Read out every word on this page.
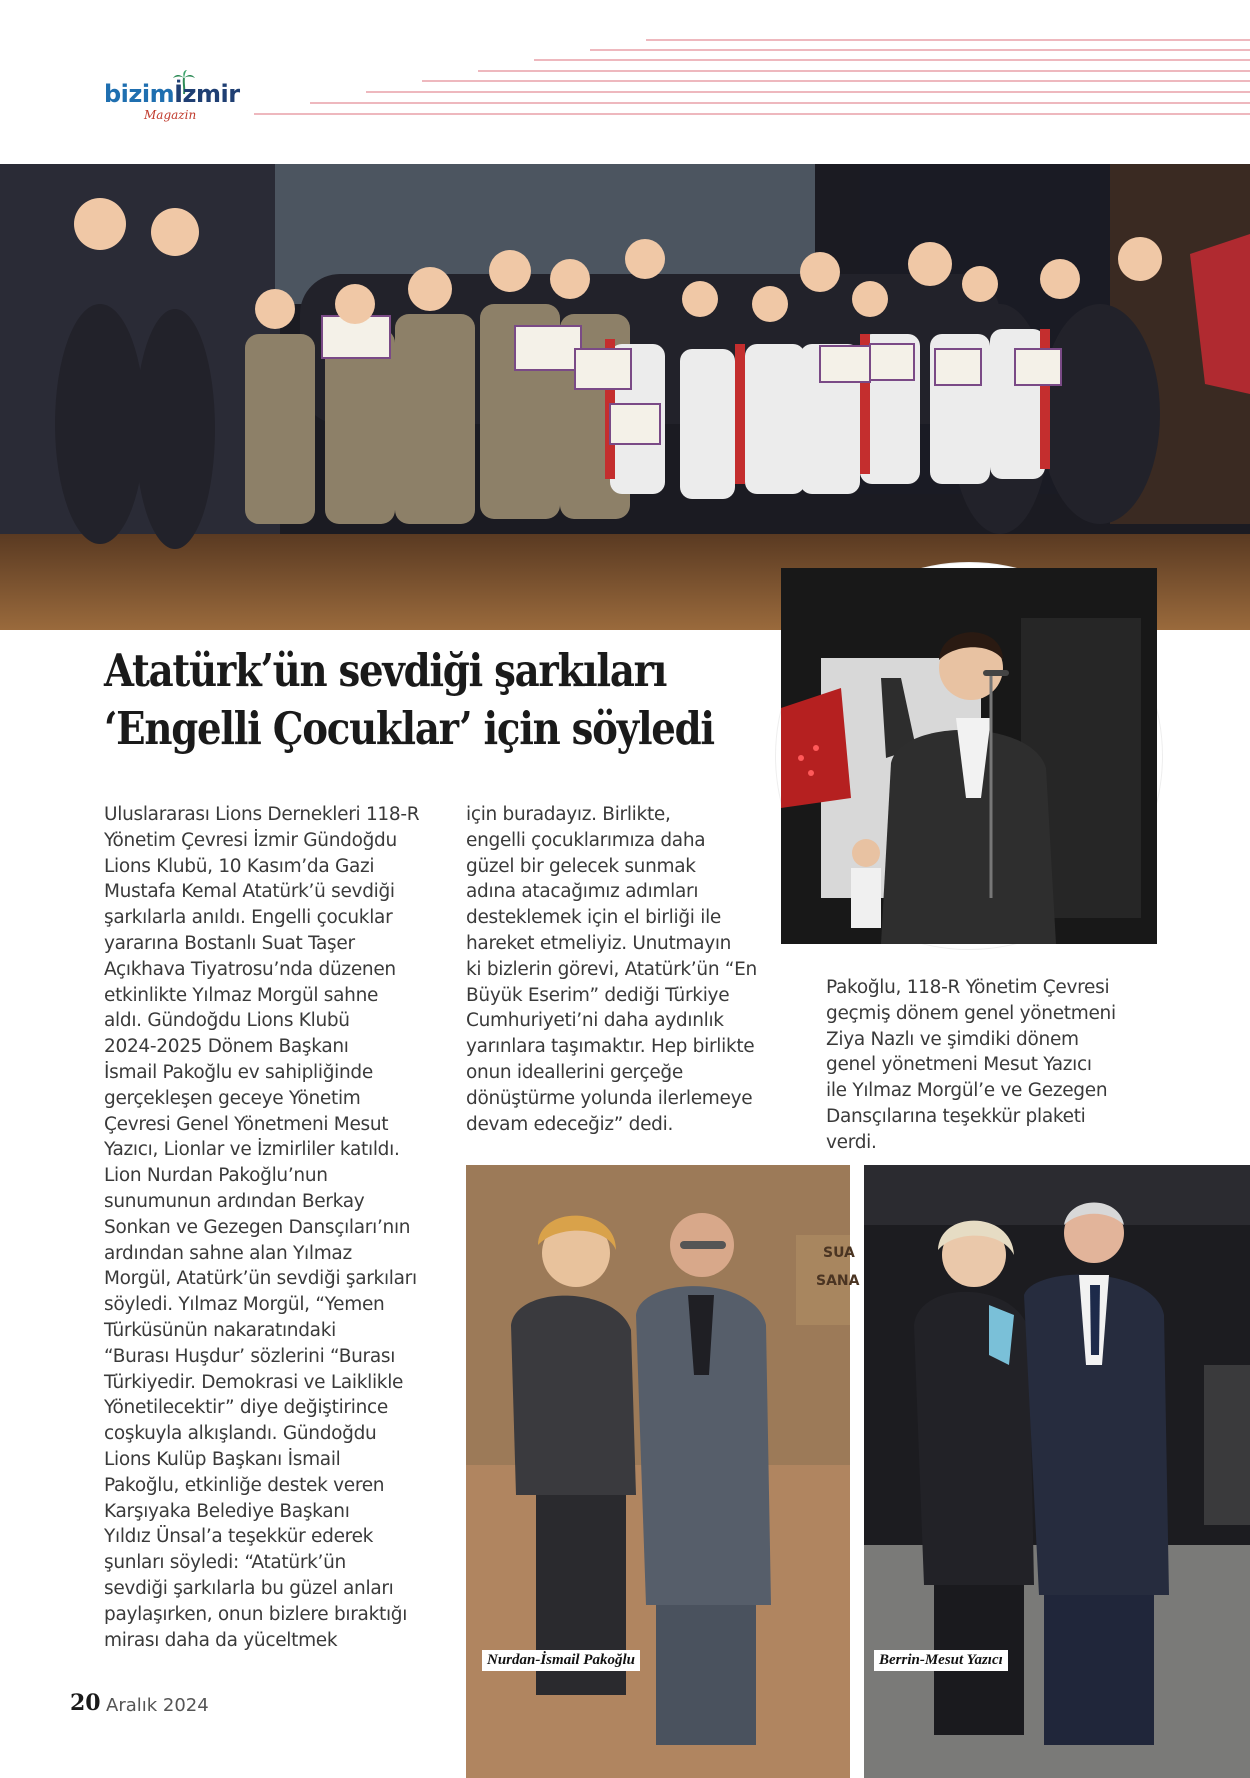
bizimİzmir
Magazin
Atatürk’ün sevdiği şarkıları
‘Engelli Çocuklar’ için söyledi
Uluslararası Lions Dernekleri 118-R
Yönetim Çevresi İzmir Gündoğdu
Lions Klubü, 10 Kasım’da Gazi
Mustafa Kemal Atatürk’ü sevdiği
şarkılarla anıldı. Engelli çocuklar
yararına Bostanlı Suat Taşer
Açıkhava Tiyatrosu’nda düzenen
etkinlikte Yılmaz Morgül sahne
aldı. Gündoğdu Lions Klubü
2024-2025 Dönem Başkanı
İsmail Pakoğlu ev sahipliğinde
gerçekleşen geceye Yönetim
Çevresi Genel Yönetmeni Mesut
Yazıcı, Lionlar ve İzmirliler katıldı.
Lion Nurdan Pakoğlu’nun
sunumunun ardından Berkay
Sonkan ve Gezegen Dansçıları’nın
ardından sahne alan Yılmaz
Morgül, Atatürk’ün sevdiği şarkıları
söyledi. Yılmaz Morgül, “Yemen
Türküsünün nakaratındaki
“Burası Huşdur’ sözlerini “Burası
Türkiyedir. Demokrasi ve Laiklikle
Yönetilecektir” diye değiştirince
coşkuyla alkışlandı. Gündoğdu
Lions Kulüp Başkanı İsmail
Pakoğlu, etkinliğe destek veren
Karşıyaka Belediye Başkanı
Yıldız Ünsal’a teşekkür ederek
şunları söyledi: “Atatürk’ün
sevdiği şarkılarla bu güzel anları
paylaşırken, onun bizlere bıraktığı
mirası daha da yüceltmek
için buradayız. Birlikte,
engelli çocuklarımıza daha
güzel bir gelecek sunmak
adına atacağımız adımları
desteklemek için el birliği ile
hareket etmeliyiz. Unutmayın
ki bizlerin görevi, Atatürk’ün “En
Büyük Eserim” dediği Türkiye
Cumhuriyeti’ni daha aydınlık
yarınlara taşımaktır. Hep birlikte
onun ideallerini gerçeğe
dönüştürme yolunda ilerlemeye
devam edeceğiz” dedi.
Pakoğlu, 118-R Yönetim Çevresi
geçmiş dönem genel yönetmeni
Ziya Nazlı ve şimdiki dönem
genel yönetmeni Mesut Yazıcı
ile Yılmaz Morgül’e ve Gezegen
Dansçılarına teşekkür plaketi
verdi.
SUA
SANA
Nurdan-İsmail Pakoğlu	Berrin-Mesut Yazıcı
20 Aralık 2024
